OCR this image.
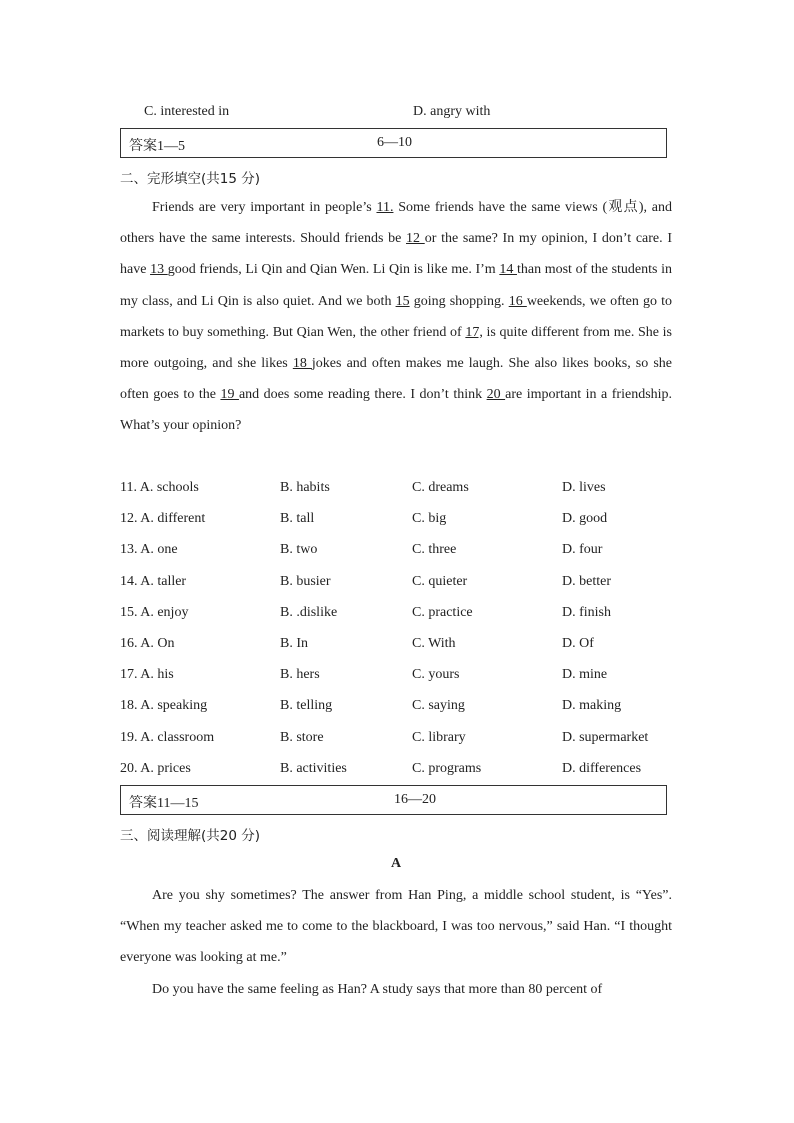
C. interested in	D. angry with
答案1—5	6—10
二、完形填空(共15 分)
Friends are very important in people’s 11. Some friends have the same views (观点), and others have the same interests. Should friends be 12 or the same? In my opinion, I don’t care. I have 13 good friends, Li Qin and Qian Wen. Li Qin is like me. I’m 14 than most of the students in my class, and Li Qin is also quiet. And we both 15 going shopping. 16 weekends, we often go to markets to buy something. But Qian Wen, the other friend of 17, is quite different from me. She is more outgoing, and she likes 18 jokes and often makes me laugh. She also likes books, so she often goes to the 19 and does some reading there. I don’t think 20 are important in a friendship. What’s your opinion?
11. A. schools	B. habits	C. dreams	D. lives
12. A. different	B. tall	C. big	D. good
13. A. one	B. two	C. three	D. four
14. A. taller	B. busier	C. quieter	D. better
15. A. enjoy	B. .dislike	C. practice	D. finish
16. A. On	B. In	C. With	D. Of
17. A. his	B. hers	C. yours	D. mine
18. A. speaking	B. telling	C. saying	D. making
19. A. classroom	B. store	C. library	D. supermarket
20. A. prices	B. activities	C. programs	D. differences
答案11—15	16—20
三、阅读理解(共20 分)
A
Are you shy sometimes? The answer from Han Ping, a middle school student, is “Yes”. “When my teacher asked me to come to the blackboard, I was too nervous,” said Han. “I thought everyone was looking at me.”
Do you have the same feeling as Han? A study says that more than 80 percent of
